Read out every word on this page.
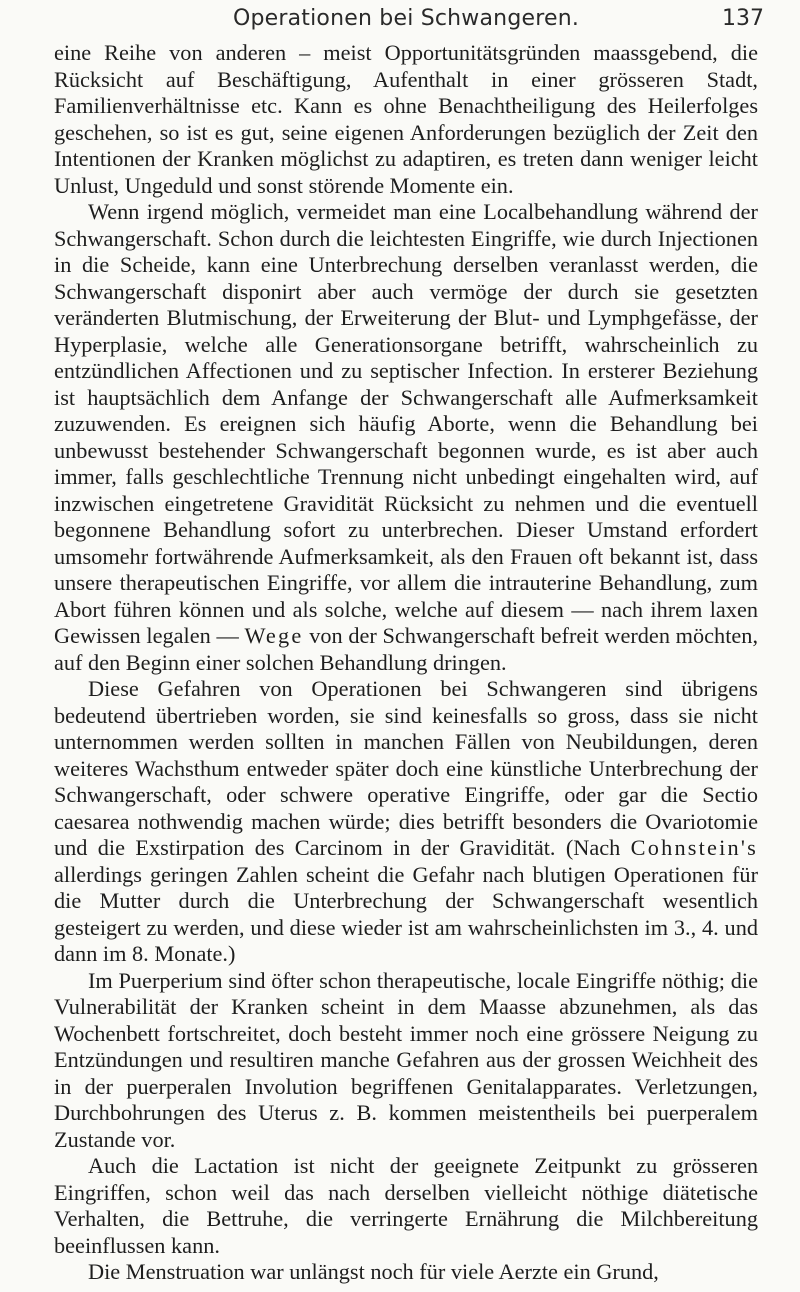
Operationen bei Schwangeren.	137

eine Reihe von anderen – meist Opportunitätsgründen maassgebend, die Rücksicht auf Beschäftigung, Aufenthalt in einer grösseren Stadt, Familienverhältnisse etc. Kann es ohne Benachtheiligung des Heilerfolges geschehen, so ist es gut, seine eigenen Anforderungen bezüglich der Zeit den Intentionen der Kranken möglichst zu adaptiren, es treten dann weniger leicht Unlust, Ungeduld und sonst störende Momente ein.

Wenn irgend möglich, vermeidet man eine Localbehandlung während der Schwangerschaft. Schon durch die leichtesten Eingriffe, wie durch Injectionen in die Scheide, kann eine Unterbrechung derselben veranlasst werden, die Schwangerschaft disponirt aber auch vermöge der durch sie gesetzten veränderten Blutmischung, der Erweiterung der Blut- und Lymphgefässe, der Hyperplasie, welche alle Generationsorgane betrifft, wahrscheinlich zu entzündlichen Affectionen und zu septischer Infection. In ersterer Beziehung ist hauptsächlich dem Anfange der Schwangerschaft alle Aufmerksamkeit zuzuwenden. Es ereignen sich häufig Aborte, wenn die Behandlung bei unbewusst bestehender Schwangerschaft begonnen wurde, es ist aber auch immer, falls geschlechtliche Trennung nicht unbedingt eingehalten wird, auf inzwischen eingetretene Gravidität Rücksicht zu nehmen und die eventuell begonnene Behandlung sofort zu unterbrechen. Dieser Umstand erfordert umsomehr fortwährende Aufmerksamkeit, als den Frauen oft bekannt ist, dass unsere therapeutischen Eingriffe, vor allem die intrauterine Behandlung, zum Abort führen können und als solche, welche auf diesem — nach ihrem laxen Gewissen legalen — Wege von der Schwangerschaft befreit werden möchten, auf den Beginn einer solchen Behandlung dringen.

Diese Gefahren von Operationen bei Schwangeren sind übrigens bedeutend übertrieben worden, sie sind keinesfalls so gross, dass sie nicht unternommen werden sollten in manchen Fällen von Neubildungen, deren weiteres Wachsthum entweder später doch eine künstliche Unterbrechung der Schwangerschaft, oder schwere operative Eingriffe, oder gar die Sectio caesarea nothwendig machen würde; dies betrifft besonders die Ovariotomie und die Exstirpation des Carcinom in der Gravidität. (Nach Cohnstein's allerdings geringen Zahlen scheint die Gefahr nach blutigen Operationen für die Mutter durch die Unterbrechung der Schwangerschaft wesentlich gesteigert zu werden, und diese wieder ist am wahrscheinlichsten im 3., 4. und dann im 8. Monate.)

Im Puerperium sind öfter schon therapeutische, locale Eingriffe nöthig; die Vulnerabilität der Kranken scheint in dem Maasse abzunehmen, als das Wochenbett fortschreitet, doch besteht immer noch eine grössere Neigung zu Entzündungen und resultiren manche Gefahren aus der grossen Weichheit des in der puerperalen Involution begriffenen Genitalapparates. Verletzungen, Durchbohrungen des Uterus z. B. kommen meistentheils bei puerperalem Zustande vor.

Auch die Lactation ist nicht der geeignete Zeitpunkt zu grösseren Eingriffen, schon weil das nach derselben vielleicht nöthige diätetische Verhalten, die Bettruhe, die verringerte Ernährung die Milchbereitung beeinflussen kann.

Die Menstruation war unlängst noch für viele Aerzte ein Grund,
